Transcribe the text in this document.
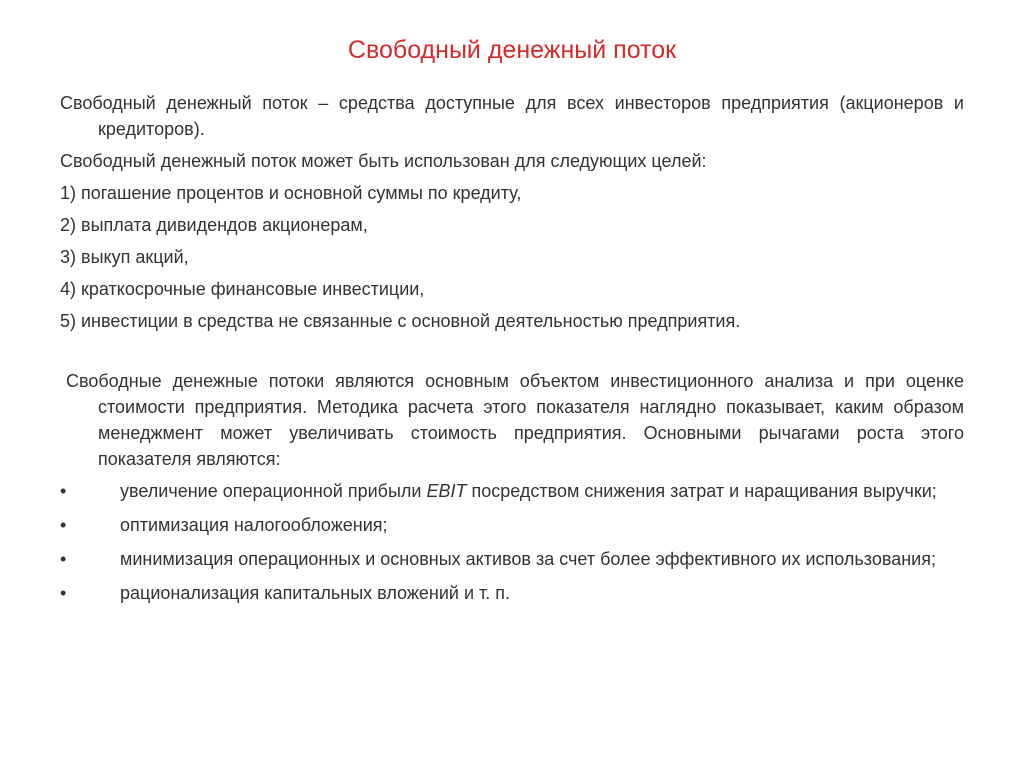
Свободный денежный поток

Свободный денежный поток – средства доступные для всех инвесторов предприятия (акционеров и кредиторов).

Свободный денежный поток может быть использован для следующих целей:

1) погашение процентов и основной суммы по кредиту,

2) выплата дивидендов акционерам,

3) выкуп акций,

4) краткосрочные финансовые инвестиции,

5) инвестиции в средства не связанные с основной деятельностью предприятия.

Свободные денежные потоки являются основным объектом инвестиционного анализа и при оценке стоимости предприятия. Методика расчета этого показателя наглядно показывает, каким образом менеджмент может увеличивать стоимость предприятия. Основными рычагами роста этого показателя являются:

•	увеличение операционной прибыли EBIT посредством снижения затрат и наращивания выручки;
•	оптимизация налогообложения;
•	минимизация операционных и основных активов за счет более эффективного их использования;
•	рационализация капитальных вложений и т. п.
